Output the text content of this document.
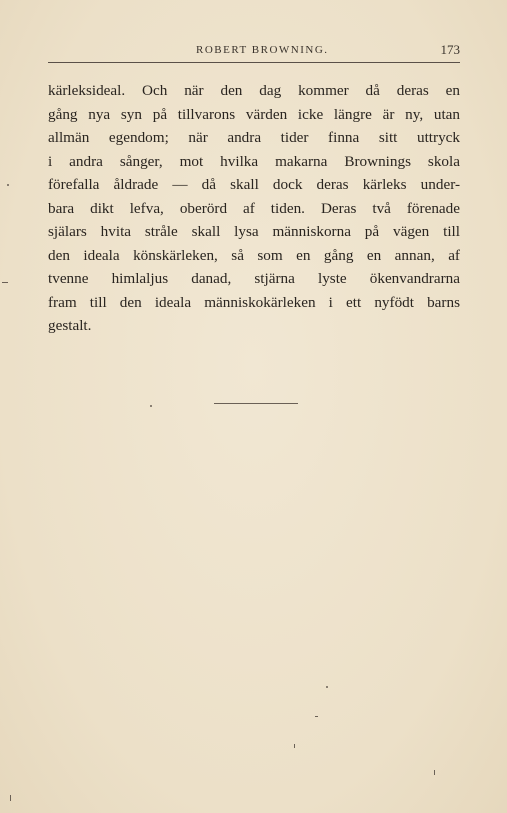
ROBERT BROWNING.	173
kärleksideal. Och när den dag kommer då deras en
gång nya syn på tillvarons värden icke längre är ny, utan
allmän egendom; när andra tider finna sitt uttryck
i andra sånger, mot hvilka makarna Brownings skola
förefalla åldrade — då skall dock deras kärleks under-
bara dikt lefva, oberörd af tiden. Deras två förenade
själars hvita stråle skall lysa människorna på vägen till
den ideala könskärleken, så som en gång en annan, af
tvenne himlaljus danad, stjärna lyste ökenvandrarna
fram till den ideala människokärleken i ett nyfödt barns
gestalt.
